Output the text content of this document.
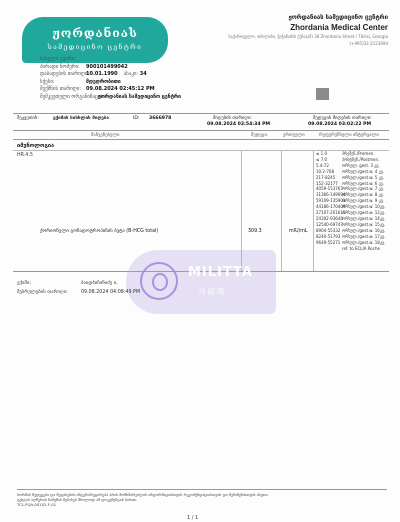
ჟორდანიას
სამედიცინო ცენტრი
ჟორდანიას სამედიცინო ცენტრი
Zhordania Medical Center
საქართველო, თბილისი, ჭიჭინაძის ქუჩა(ამ) 38 Zhordania Street / Tbilisi, Georgia
(+995)32-2123694
სახელი გვარი:
პირადი ნომერი: 900101499042
დაბადების თარიღი:10.01.1990 ასაკი: 34
სქესი:	მდედრობითი
შექმნის თარიღი: 09.08.2024 02:45:12 PM
შემკვეთელი ორგანიზაცია:ჟორდანიას სამედიცინო ცენტრი
შეკვეთის:	ექიმის სისხლის მიღება	ID: 3666978	მიღების თარიღი:
09.08.2024 02:54:34 PM
შედეგის მიღების თარიღი:
09.08.2024 03:02:22 PM
მაჩვენებელი	შედეგი	ერთეული	რეფერენსული ინტერვალი
იმუნოლოგია
HR.4.5
ქორიონული გონადოტროპინის ბეტა (B-HCG total)	309.3	mIU/mL
≤ 1.0	პრემენ./Premen.
≤ 7.0	პოსტმენ./Postmen.
5.4-72	ორსულ. gest. 3 კვ.
10.2-708 ორსულ./gest.w. 4 კვ.
217-8245 ორსულ./gest.w. 5 კვ.
152-32177 ორსულ./gest.w. 6 კვ.
4059-153767ორსულ./gest.w. 7 კვ.
31366-149094ორსულ./gest.w. 8 კვ.
59109-135901ორსულ./gest.w. 9 კვ.
44186-170409ორსულ./gest.w. 10კვ.
27107-201615ორსულ./gest.w. 12კვ.
24302-93646ორსულ./gest.w. 14კვ.
12540-69747ორსულ./gest.w. 15კვ.
8904-55332 ორსულ./gest.w. 16კვ.
8240-51793 ორსულ./gest.w. 17კვ.
9649-55271 ორსულ./gest.w. 18კვ.
ref. to ECLIA Roche
MILITTA
马丽塔
ექიმი:	ბაიდბიჩინიძე ი.
შესრულების თარიღი:	09.08.2024 04:08:49 PM
ბორმის შედეგები და შეფასების ინტერპრეტირება არის მომხმარებლის ინფორმაციისთვის რეკომენდაციისთვის და შენიშვნისთვის ასეთი.
ტესტის აღწერის ნიმუშის შესახებ მხოლოდ ამ დოკუმენტის სახით.
TCL-PQA-00102-F-01
1 / 1
